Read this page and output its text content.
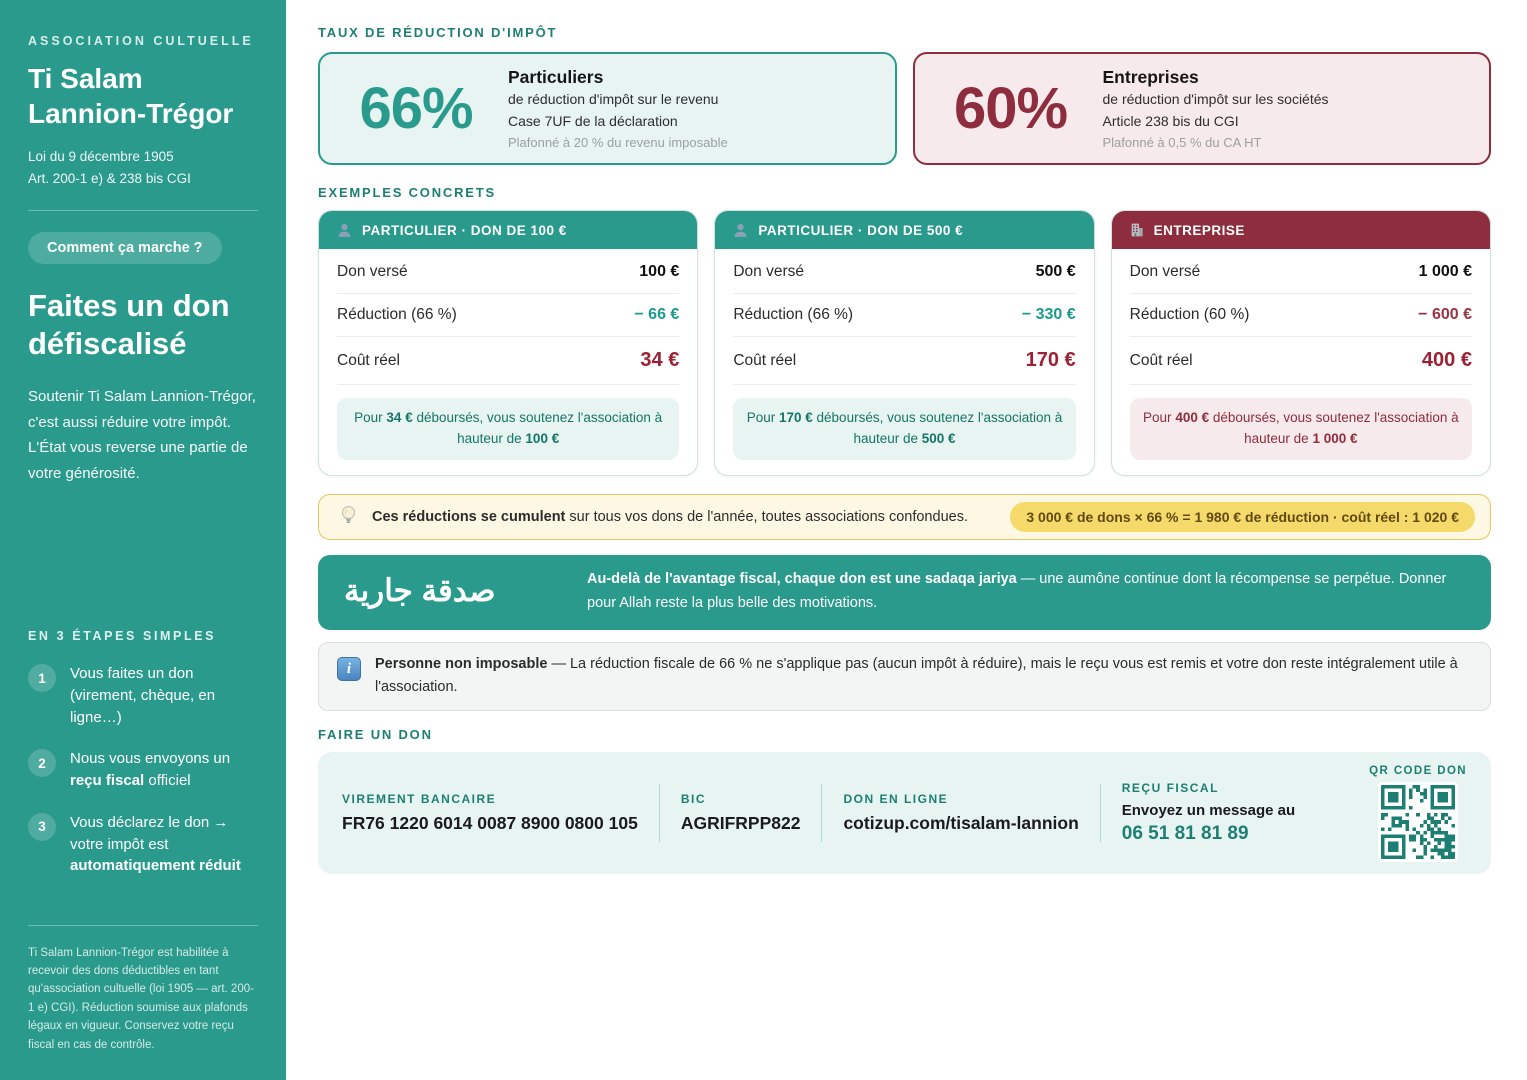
ASSOCIATION CULTUELLE
Ti Salam Lannion-Trégor
Loi du 9 décembre 1905
Art. 200-1 e) & 238 bis CGI
Comment ça marche ?
Faites un don défiscalisé

Soutenir Ti Salam Lannion-Trégor, c'est aussi réduire votre impôt. L'État vous reverse une partie de votre générosité.

EN 3 ÉTAPES SIMPLES
1	Vous faites un don (virement, chèque, en ligne…)
2	Nous vous envoyons un reçu fiscal officiel
3	Vous déclarez le don → votre impôt est automatiquement réduit

Ti Salam Lannion-Trégor est habilitée à recevoir des dons déductibles en tant qu'association cultuelle (loi 1905 — art. 200-1 e) CGI). Réduction soumise aux plafonds légaux en vigueur. Conservez votre reçu fiscal en cas de contrôle.

TAUX DE RÉDUCTION D'IMPÔT
66%	Particuliers
de réduction d'impôt sur le revenu
Case 7UF de la déclaration
Plafonné à 20 % du revenu imposable
60%	Entreprises
de réduction d'impôt sur les sociétés
Article 238 bis du CGI
Plafonné à 0,5 % du CA HT
EXEMPLES CONCRETS
PARTICULIER · DON DE 100 €
Don versé	100 €
Réduction (66 %)	− 66 €
Coût réel	34 €
Pour 34 € déboursés, vous soutenez l'association à hauteur de 100 €
PARTICULIER · DON DE 500 €
Don versé	500 €
Réduction (66 %)	− 330 €
Coût réel	170 €
Pour 170 € déboursés, vous soutenez l'association à hauteur de 500 €
ENTREPRISE
Don versé	1 000 €
Réduction (60 %)	− 600 €
Coût réel	400 €
Pour 400 € déboursés, vous soutenez l'association à hauteur de 1 000 €
Ces réductions se cumulent sur tous vos dons de l'année, toutes associations confondues.	3 000 € de dons × 66 % = 1 980 € de réduction · coût réel : 1 020 €
صدقة جارية	Au-delà de l'avantage fiscal, chaque don est une sadaqa jariya — une aumône continue dont la récompense se perpétue. Donner pour Allah reste la plus belle des motivations.
i	Personne non imposable — La réduction fiscale de 66 % ne s'applique pas (aucun impôt à réduire), mais le reçu vous est remis et votre don reste intégralement utile à l'association.
FAIRE UN DON
VIREMENT BANCAIRE
FR76 1220 6014 0087 8900 0800 105
BIC
AGRIFRPP822
DON EN LIGNE
cotizup.com/tisalam-lannion
REÇU FISCAL
Envoyez un message au
06 51 81 81 89
QR CODE DON
